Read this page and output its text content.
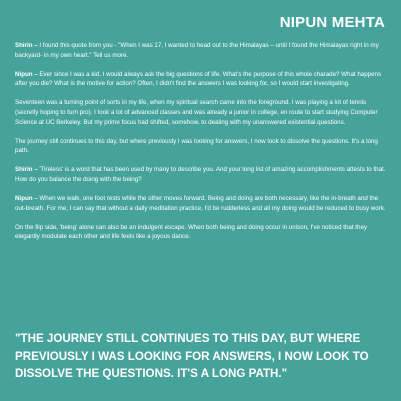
NIPUN MEHTA

Shirin – I found this quote from you - "When I was 17, I wanted to head out to the Himalayas – until I found the Himalayas right in my backyard- in my own heart." Tell us more.

Nipun – Ever since I was a kid, I would always ask the big questions of life. What's the purpose of this whole charade? What happens after you die? What is the motive for action? Often, I didn't find the answers I was looking for, so I would start investigating.

Seventeen was a turning point of sorts in my life, when my spiritual search came into the foreground. I was playing a lot of tennis (secretly hoping to turn pro). I took a lot of advanced classes and was already a junior in college, en route to start studying Computer Science at UC Berkeley. But my prime focus had shifted, somehow, to dealing with my unanswered existential questions.

The journey still continues to this day, but where previously I was looking for answers, I now look to dissolve the questions. It's a long path.

Shirin – 'Tireless' is a word that has been used by many to describe you. And your long list of amazing accomplishments attests to that. How do you balance the doing with the being?

Nipun – When we walk, one foot rests while the other moves forward. Being and doing are both necessary, like the in-breath and the out-breath. For me, I can say that without a daily meditation practice, I'd be rudderless and all my doing would be reduced to busy work.

On the flip side, 'being' alone can also be an indulgent escape. When both being and doing occur in unison, I've noticed that they elegantly modulate each other and life feels like a joyous dance.

"THE JOURNEY STILL CONTINUES TO THIS DAY, BUT WHERE PREVIOUSLY I WAS LOOKING FOR ANSWERS, I NOW LOOK TO DISSOLVE THE QUESTIONS. IT'S A LONG PATH."
